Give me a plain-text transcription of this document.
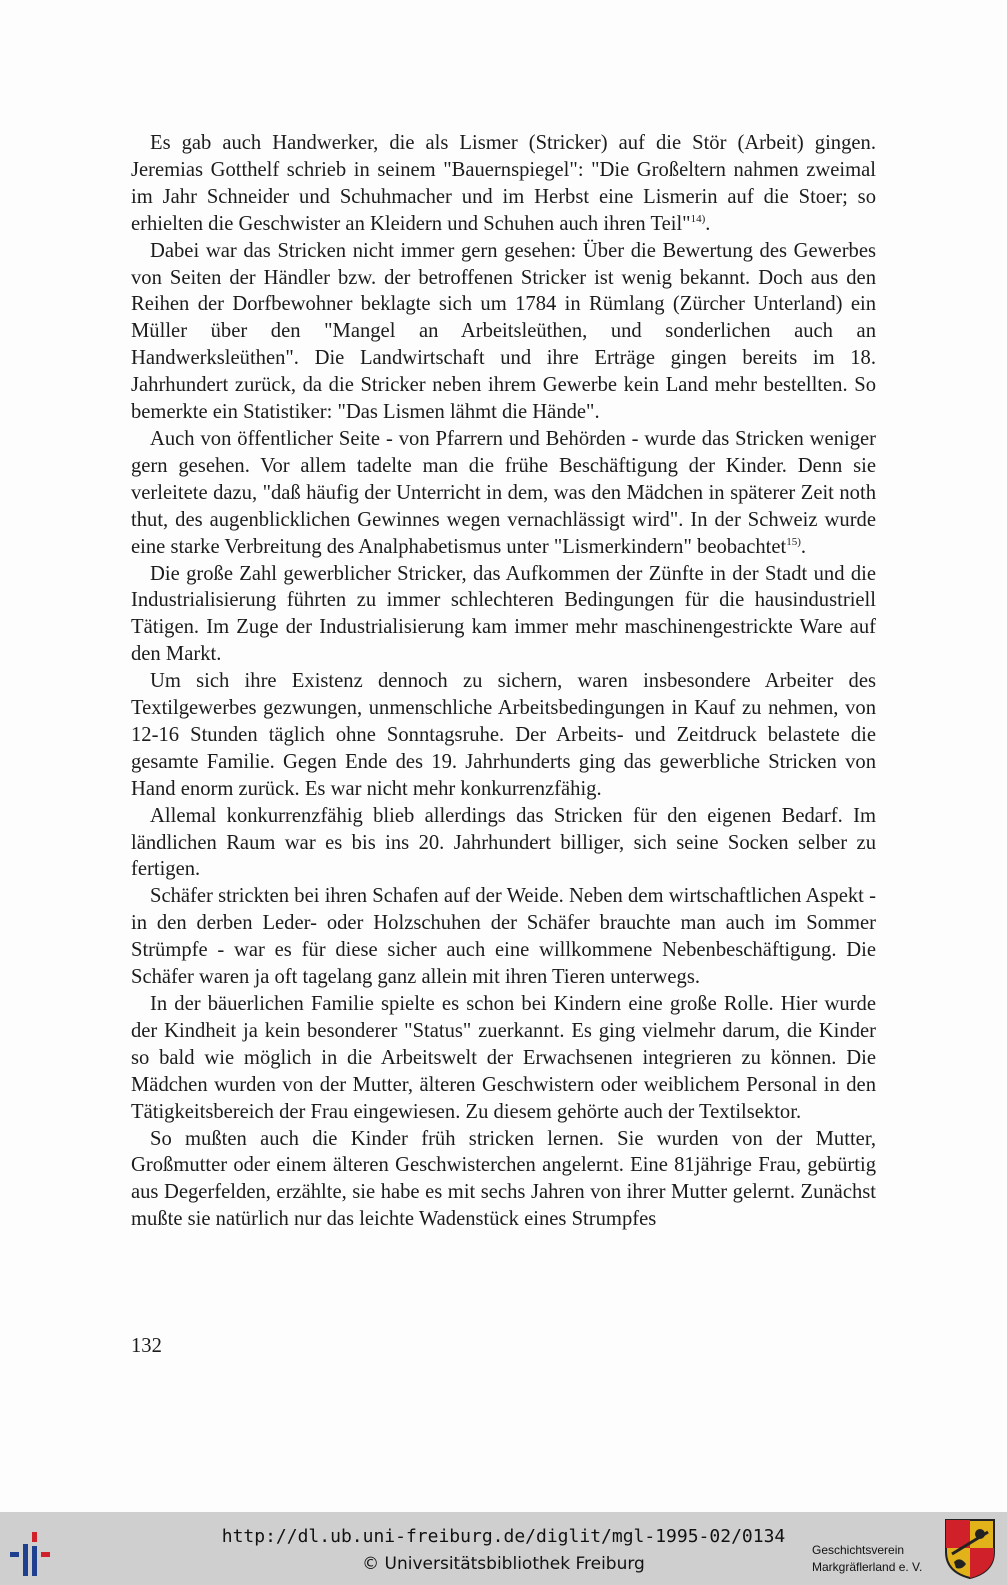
Es gab auch Handwerker, die als Lismer (Stricker) auf die Stör (Arbeit) gingen. Jeremias Gotthelf schrieb in seinem "Bauernspiegel": "Die Großeltern nahmen zweimal im Jahr Schneider und Schuhmacher und im Herbst eine Lismerin auf die Stoer; so erhielten die Geschwister an Kleidern und Schuhen auch ihren Teil"$^{14)}$.

Dabei war das Stricken nicht immer gern gesehen: Über die Bewertung des Gewerbes von Seiten der Händler bzw. der betroffenen Stricker ist wenig bekannt. Doch aus den Reihen der Dorfbewohner beklagte sich um 1784 in Rümlang (Zürcher Unterland) ein Müller über den "Mangel an Arbeitsleüthen, und sonderlichen auch an Handwerksleüthen". Die Landwirtschaft und ihre Erträge gingen bereits im 18. Jahrhundert zurück, da die Stricker neben ihrem Gewerbe kein Land mehr bestellten. So bemerkte ein Statistiker: "Das Lismen lähmt die Hände".

Auch von öffentlicher Seite - von Pfarrern und Behörden - wurde das Stricken weniger gern gesehen. Vor allem tadelte man die frühe Beschäftigung der Kinder. Denn sie verleitete dazu, "daß häufig der Unterricht in dem, was den Mädchen in späterer Zeit noth thut, des augenblicklichen Gewinnes wegen vernachlässigt wird". In der Schweiz wurde eine starke Verbreitung des Analphabetismus unter "Lismerkindern" beobachtet$^{15)}$.

Die große Zahl gewerblicher Stricker, das Aufkommen der Zünfte in der Stadt und die Industrialisierung führten zu immer schlechteren Bedingungen für die hausindustriell Tätigen. Im Zuge der Industrialisierung kam immer mehr maschinengestrickte Ware auf den Markt.

Um sich ihre Existenz dennoch zu sichern, waren insbesondere Arbeiter des Textilgewerbes gezwungen, unmenschliche Arbeitsbedingungen in Kauf zu nehmen, von 12-16 Stunden täglich ohne Sonntagsruhe. Der Arbeits- und Zeitdruck belastete die gesamte Familie. Gegen Ende des 19. Jahrhunderts ging das gewerbliche Stricken von Hand enorm zurück. Es war nicht mehr konkurrenzfähig.

Allemal konkurrenzfähig blieb allerdings das Stricken für den eigenen Bedarf. Im ländlichen Raum war es bis ins 20. Jahrhundert billiger, sich seine Socken selber zu fertigen.

Schäfer strickten bei ihren Schafen auf der Weide. Neben dem wirtschaftlichen Aspekt - in den derben Leder- oder Holzschuhen der Schäfer brauchte man auch im Sommer Strümpfe - war es für diese sicher auch eine willkommene Nebenbeschäftigung. Die Schäfer waren ja oft tagelang ganz allein mit ihren Tieren unterwegs.

In der bäuerlichen Familie spielte es schon bei Kindern eine große Rolle. Hier wurde der Kindheit ja kein besonderer "Status" zuerkannt. Es ging vielmehr darum, die Kinder so bald wie möglich in die Arbeitswelt der Erwachsenen integrieren zu können. Die Mädchen wurden von der Mutter, älteren Geschwistern oder weiblichem Personal in den Tätigkeitsbereich der Frau eingewiesen. Zu diesem gehörte auch der Textilsektor.

So mußten auch die Kinder früh stricken lernen. Sie wurden von der Mutter, Großmutter oder einem älteren Geschwisterchen angelernt. Eine 81jährige Frau, gebürtig aus Degerfelden, erzählte, sie habe es mit sechs Jahren von ihrer Mutter gelernt. Zunächst mußte sie natürlich nur das leichte Wadenstück eines Strumpfes

132
http://dl.ub.uni-freiburg.de/diglit/mgl-1995-02/0134
© Universitätsbibliothek Freiburg
Geschichtsverein
Markgräflerland e. V.
